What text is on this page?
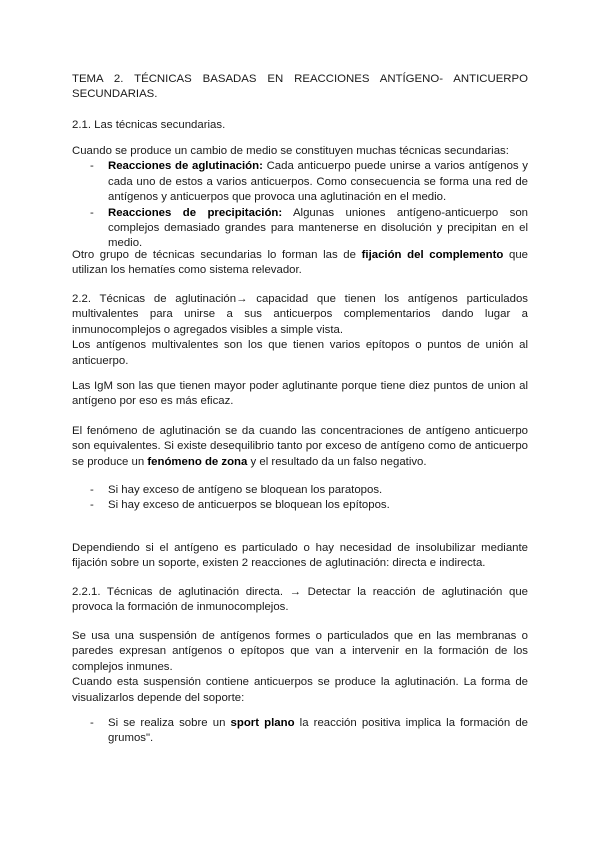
TEMA 2. TÉCNICAS BASADAS EN REACCIONES ANTÍGENO- ANTICUERPO

SECUNDARIAS.

2.1. Las técnicas secundarias.

Cuando se produce un cambio de medio se constituyen muchas técnicas secundarias:

- Reacciones de aglutinación: Cada anticuerpo puede unirse a varios antígenos y cada uno de estos a varios anticuerpos. Como consecuencia se forma una red de antígenos y anticuerpos que provoca una aglutinación en el medio.
- Reacciones de precipitación: Algunas uniones antígeno-anticuerpo son complejos demasiado grandes para mantenerse en disolución y precipitan en el medio.

Otro grupo de técnicas secundarias lo forman las de fijación del complemento que utilizan los hematíes como sistema relevador.

2.2. Técnicas de aglutinación→ capacidad que tienen los antígenos particulados multivalentes para unirse a sus anticuerpos complementarios dando lugar a inmunocomplejos o agregados visibles a simple vista.

Los antígenos multivalentes son los que tienen varios epítopos o puntos de unión al anticuerpo.

Las IgM son las que tienen mayor poder aglutinante porque tiene diez puntos de union al antígeno por eso es más eficaz.

El fenómeno de aglutinación se da cuando las concentraciones de antígeno anticuerpo son equivalentes. Si existe desequilibrio tanto por exceso de antígeno como de anticuerpo se produce un fenómeno de zona y el resultado da un falso negativo.

- Si hay exceso de antígeno se bloquean los paratopos.
- Si hay exceso de anticuerpos se bloquean los epítopos.

Dependiendo si el antígeno es particulado o hay necesidad de insolubilizar mediante fijación sobre un soporte, existen 2 reacciones de aglutinación: directa e indirecta.

2.2.1. Técnicas de aglutinación directa. → Detectar la reacción de aglutinación que provoca la formación de inmunocomplejos.

Se usa una suspensión de antígenos formes o particulados que en las membranas o paredes expresan antígenos o epítopos que van a intervenir en la formación de los complejos inmunes.

Cuando esta suspensión contiene anticuerpos se produce la aglutinación. La forma de visualizarlos depende del soporte:

- Si se realiza sobre un sport plano la reacción positiva implica la formación de grumos".
